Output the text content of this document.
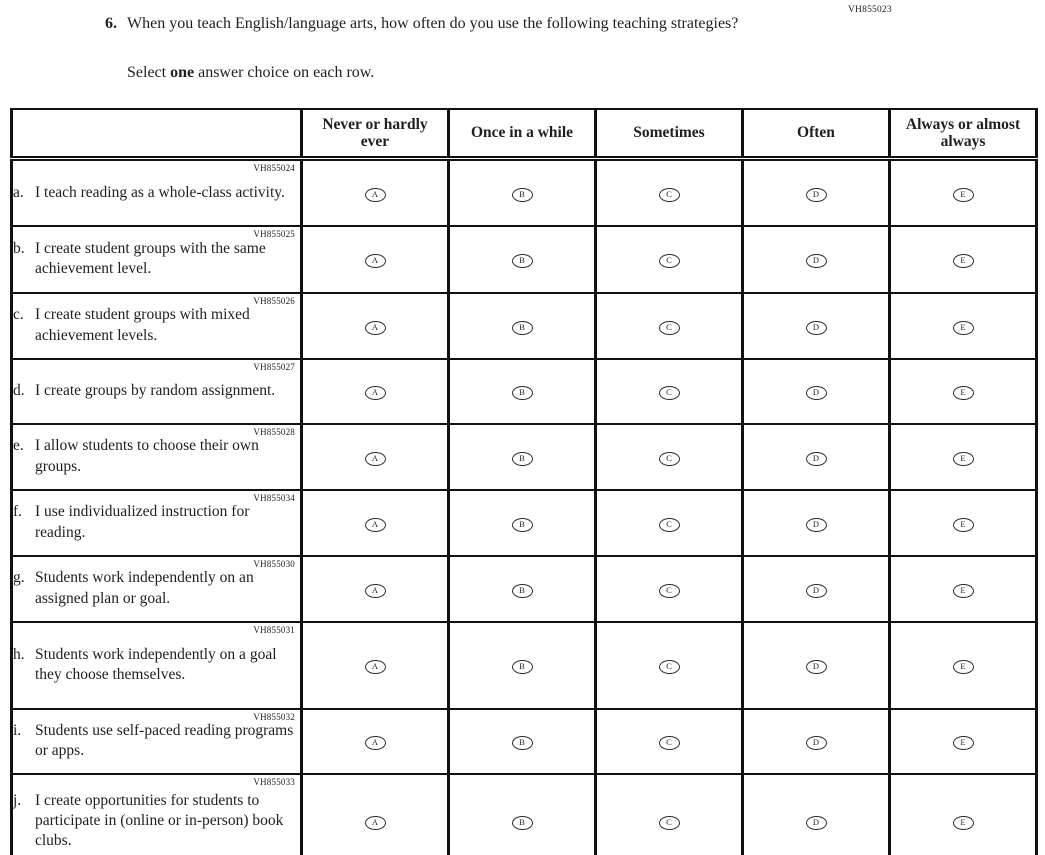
VH855023
6. When you teach English/language arts, how often do you use the following teaching strategies?
Select one answer choice on each row.
	Never or hardly ever	Once in a while	Sometimes	Often	Always or almost always

VH855024
a. I teach reading as a whole-class activity.	A	B	C	D	E

VH855025
b. I create student groups with the same achievement level.	A	B	C	D	E

VH855026
c. I create student groups with mixed achievement levels.	A	B	C	D	E

VH855027
d. I create groups by random assignment.	A	B	C	D	E

VH855028
e. I allow students to choose their own groups.	A	B	C	D	E

VH855034
f. I use individualized instruction for reading.	A	B	C	D	E

VH855030
g. Students work independently on an assigned plan or goal.	A	B	C	D	E

VH855031
h. Students work independently on a goal they choose themselves.	A	B	C	D	E

VH855032
i. Students use self-paced reading programs or apps.	A	B	C	D	E

VH855033
j. I create opportunities for students to participate in (online or in-person) book clubs.	A	B	C	D	E
